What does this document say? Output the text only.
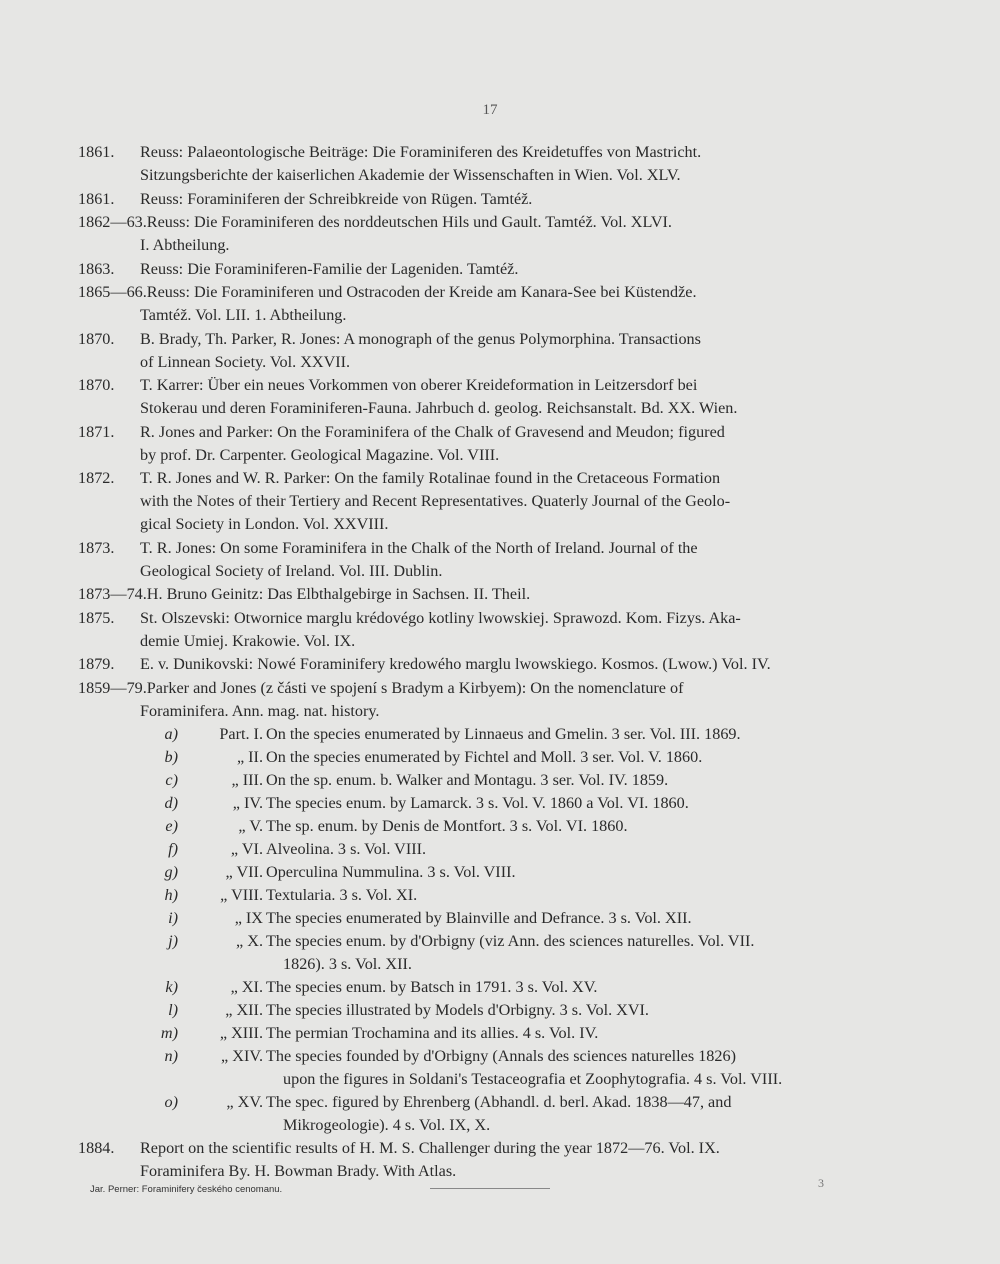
17
1861. Reuss: Palaeontologische Beiträge: Die Foraminiferen des Kreidetuffes von Mastricht.
Sitzungsberichte der kaiserlichen Akademie der Wissenschaften in Wien. Vol. XLV.
1861. Reuss: Foraminiferen der Schreibkreide von Rügen. Tamtéž.
1862—63.Reuss: Die Foraminiferen des norddeutschen Hils und Gault. Tamtéž. Vol. XLVI.
I. Abtheilung.
1863. Reuss: Die Foraminiferen-Familie der Lageniden. Tamtéž.
1865—66.Reuss: Die Foraminiferen und Ostracoden der Kreide am Kanara-See bei Küstendže.
Tamtéž. Vol. LII. 1. Abtheilung.
1870. B. Brady, Th. Parker, R. Jones: A monograph of the genus Polymorphina. Transactions
of Linnean Society. Vol. XXVII.
1870. T. Karrer: Über ein neues Vorkommen von oberer Kreideformation in Leitzersdorf bei
Stokerau und deren Foraminiferen-Fauna. Jahrbuch d. geolog. Reichsanstalt. Bd. XX. Wien.
1871. R. Jones and Parker: On the Foraminifera of the Chalk of Gravesend and Meudon; figured
by prof. Dr. Carpenter. Geological Magazine. Vol. VIII.
1872. T. R. Jones and W. R. Parker: On the family Rotalinae found in the Cretaceous Formation
with the Notes of their Tertiery and Recent Representatives. Quaterly Journal of the Geolo-
gical Society in London. Vol. XXVIII.
1873. T. R. Jones: On some Foraminifera in the Chalk of the North of Ireland. Journal of the
Geological Society of Ireland. Vol. III. Dublin.
1873—74.H. Bruno Geinitz: Das Elbthalgebirge in Sachsen. II. Theil.
1875. St. Olszevski: Otwornice marglu krédovégo kotliny lwowskiej. Sprawozd. Kom. Fizys. Aka-
demie Umiej. Krakowie. Vol. IX.
1879. E. v. Dunikovski: Nowé Foraminifery kredowého marglu lwowskiego. Kosmos. (Lwow.) Vol. IV.
1859—79.Parker and Jones (z části ve spojení s Bradym a Kirbyem): On the nomenclature of
Foraminifera. Ann. mag. nat. history.
a)	Part. I. On the species enumerated by Linnaeus and Gmelin. 3 ser. Vol. III. 1869.
b)	„ II. On the species enumerated by Fichtel and Moll. 3 ser. Vol. V. 1860.
c)	„ III. On the sp. enum. b. Walker and Montagu. 3 ser. Vol. IV. 1859.
d)	„ IV. The species enum. by Lamarck. 3 s. Vol. V. 1860 a Vol. VI. 1860.
e)	„ V. The sp. enum. by Denis de Montfort. 3 s. Vol. VI. 1860.
f)	„ VI. Alveolina. 3 s. Vol. VIII.
g)	„ VII. Operculina Nummulina. 3 s. Vol. VIII.
h)	„ VIII. Textularia. 3 s. Vol. XI.
i)	„ IX The species enumerated by Blainville and Defrance. 3 s. Vol. XII.
j)	„ X. The species enum. by d'Orbigny (viz Ann. des sciences naturelles. Vol. VII.
1826). 3 s. Vol. XII.
k)	„ XI. The species enum. by Batsch in 1791. 3 s. Vol. XV.
l)	„ XII. The species illustrated by Models d'Orbigny. 3 s. Vol. XVI.
m)	„ XIII. The permian Trochamina and its allies. 4 s. Vol. IV.
n)	„ XIV. The species founded by d'Orbigny (Annals des sciences naturelles 1826)
upon the figures in Soldani's Testaceografia et Zoophytografia. 4 s. Vol. VIII.
o)	„ XV. The spec. figured by Ehrenberg (Abhandl. d. berl. Akad. 1838—47, and
Mikrogeologie). 4 s. Vol. IX, X.
1884. Report on the scientific results of H. M. S. Challenger during the year 1872—76. Vol. IX.
Foraminifera By. H. Bowman Brady. With Atlas.
Jar. Perner: Foraminifery českého cenomanu.	3
